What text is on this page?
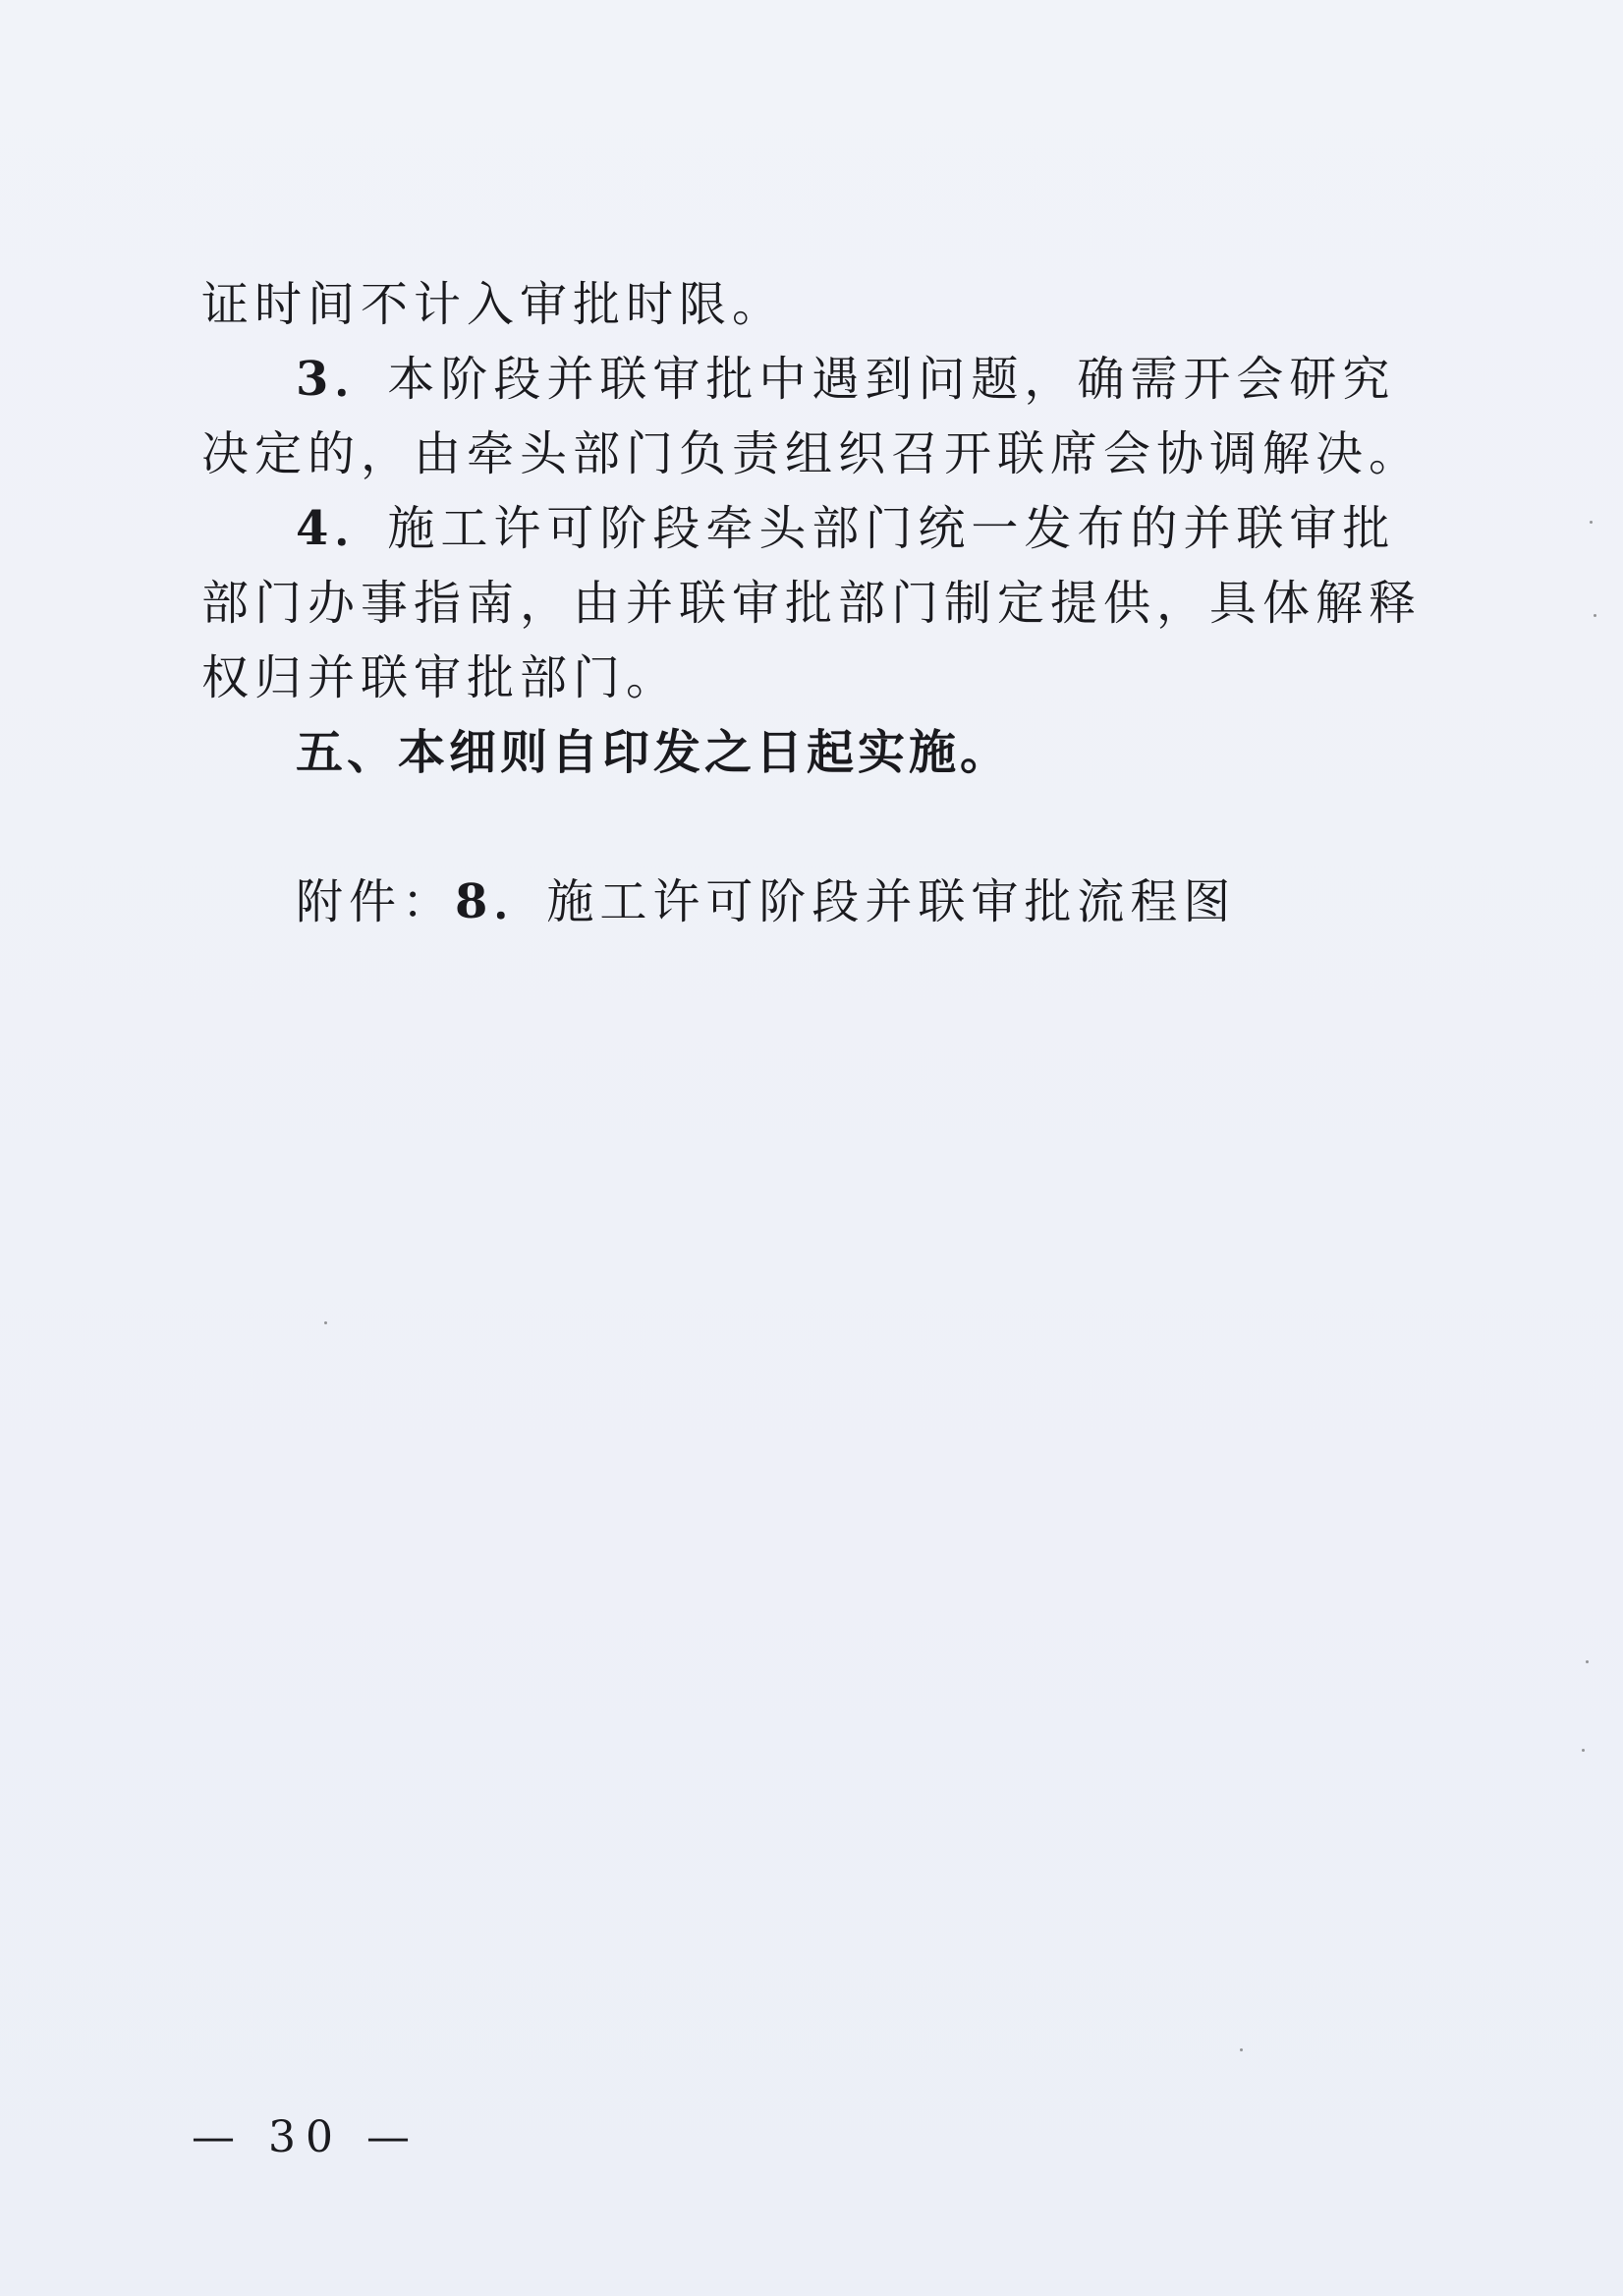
证时间不计入审批时限。

3．本阶段并联审批中遇到问题，确需开会研究决定的，由牵头部门负责组织召开联席会协调解决。

4．施工许可阶段牵头部门统一发布的并联审批部门办事指南，由并联审批部门制定提供，具体解释权归并联审批部门。

五、本细则自印发之日起实施。

附件：8．施工许可阶段并联审批流程图

— 30 —
